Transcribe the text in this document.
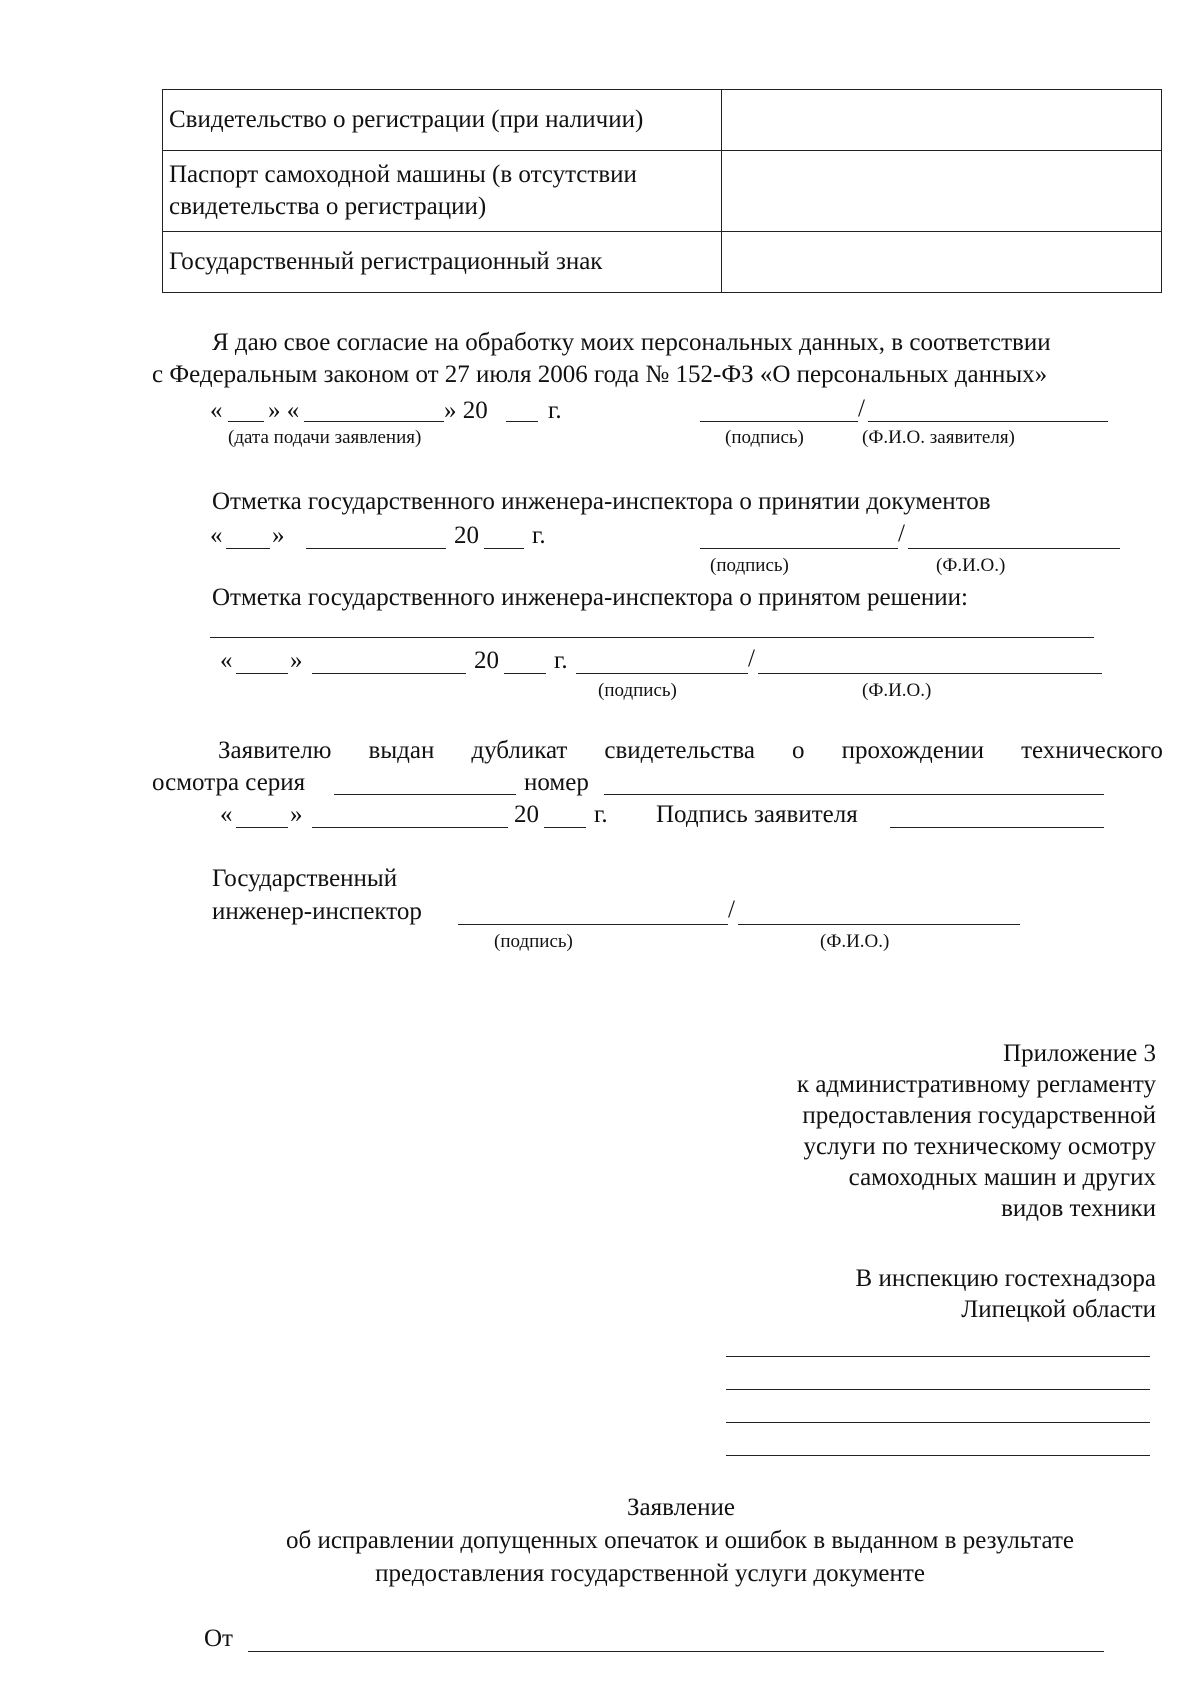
Свидетельство о регистрации (при наличии)	

Паспорт самоходной машины (в отсутствии
свидетельства о регистрации)	

Государственный регистрационный знак	

Я даю свое согласие на обработку моих персональных данных, в соответствии
с Федеральным законом от 27 июля 2006 года № 152-ФЗ «О персональных данных»
« » «	» 20 г.	/
(дата подачи заявления)	(подпись)	(Ф.И.О. заявителя)
Отметка государственного инженера-инспектора о принятии документов
« »	20 г.	/
(подпись)	(Ф.И.О.)
Отметка государственного инженера-инспектора о принятом решении:
« »	20 г.	/
(подпись)	(Ф.И.О.)
Заявителю выдан дубликат свидетельства о прохождении технического
осмотра серия	номер
« »	20 г. Подпись заявителя
Государственный
инженер-инспектор	/
(подпись)	(Ф.И.О.)
Приложение 3
к административному регламенту
предоставления государственной
услуги по техническому осмотру
самоходных машин и других
видов техники
В инспекцию гостехнадзора
Липецкой области
Заявление
об исправлении допущенных опечаток и ошибок в выданном в результате
предоставления государственной услуги документе
От
